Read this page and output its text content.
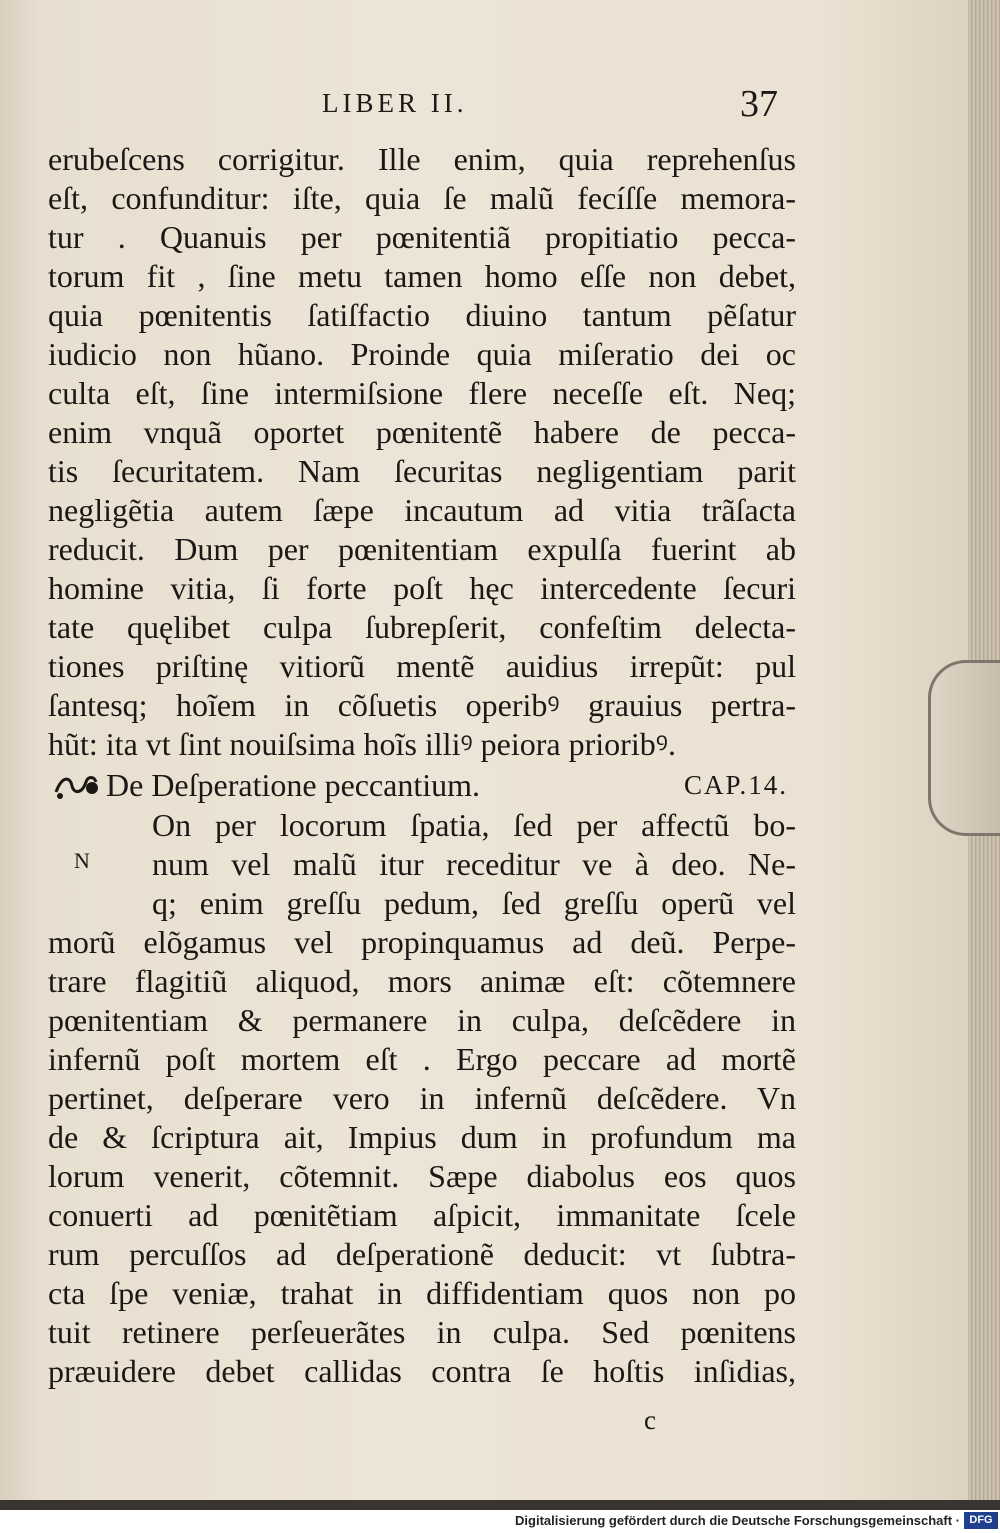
LIBER II.	37
erubeſcens corrigitur. Ille enim, quia reprehenſus
eſt, confunditur: iſte, quia ſe malũ fecíſſe memora-
tur . Quanuis per pœnitentiã propitiatio pecca-
torum fit , ſine metu tamen homo eſſe non debet,
quia pœnitentis ſatiſfactio diuino tantum pẽſatur
iudicio non hũano. Proinde quia miſeratio dei oc
culta eſt, ſine intermiſsione flere neceſſe eſt. Neq;
enim vnquã oportet pœnitentẽ habere de pecca-
tis ſecuritatem. Nam ſecuritas negligentiam parit
negligẽtia autem ſæpe incautum ad vitia trãſacta
reducit. Dum per pœnitentiam expulſa fuerint ab
homine vitia, ſi forte poſt hęc intercedente ſecuri
tate quęlibet culpa ſubrepſerit, confeſtim delecta-
tiones priſtinę vitiorũ mentẽ auidius irrepũt: pul
ſantesq; hoĩem in cõſuetis operibꝰ grauius pertra-
hũt: ita vt ſint nouiſsima hoĩs illiꝰ peiora prioribꝰ.
De Deſperatione peccantium.	CAP.14.
N
On per locorum ſpatia, ſed per affectũ bo-
num vel malũ itur receditur ve à deo. Ne-
q; enim greſſu pedum, ſed greſſu operũ vel
morũ elõgamus vel propinquamus ad deũ. Perpe-
trare flagitiũ aliquod, mors animæ eſt: cõtemnere
pœnitentiam & permanere in culpa, deſcẽdere in
infernũ poſt mortem eſt . Ergo peccare ad mortẽ
pertinet, deſperare vero in infernũ deſcẽdere. Vn
de & ſcriptura ait, Impius dum in profundum ma
lorum venerit, cõtemnit. Sæpe diabolus eos quos
conuerti ad pœnitẽtiam aſpicit, immanitate ſcele
rum percuſſos ad deſperationẽ deducit: vt ſubtra-
cta ſpe veniæ, trahat in diffidentiam quos non po
tuit retinere perſeuerãtes in culpa. Sed pœnitens
præuidere debet callidas contra ſe hoſtis inſidias,
c
Digitalisierung gefördert durch die Deutsche Forschungsgemeinschaft · DFG
